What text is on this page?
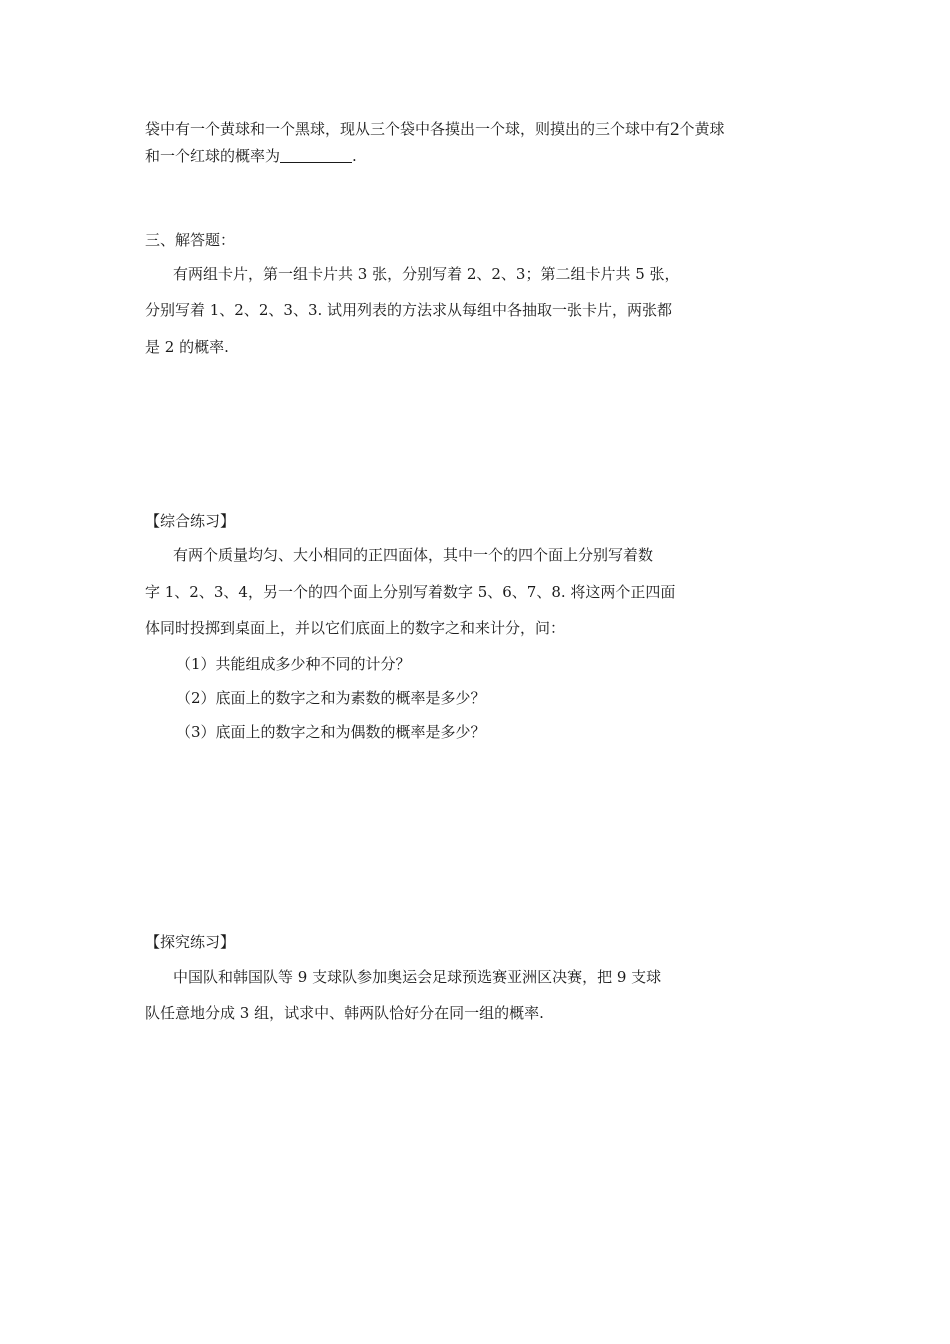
袋中有一个黄球和一个黑球，现从三个袋中各摸出一个球，则摸出的三个球中有2个黄球
和一个红球的概率为	.
三、解答题：
有两组卡片，第一组卡片共 3 张，分别写着 2、2、3；第二组卡片共 5 张，
分别写着 1、2、2、3、3. 试用列表的方法求从每组中各抽取一张卡片，两张都
是 2 的概率.
【综合练习】
有两个质量均匀、大小相同的正四面体，其中一个的四个面上分别写着数
字 1、2、3、4，另一个的四个面上分别写着数字 5、6、7、8. 将这两个正四面
体同时投掷到桌面上，并以它们底面上的数字之和来计分，问：
（1）共能组成多少种不同的计分？
（2）底面上的数字之和为素数的概率是多少？
（3）底面上的数字之和为偶数的概率是多少？
【探究练习】
中国队和韩国队等 9 支球队参加奥运会足球预选赛亚洲区决赛，把 9 支球
队任意地分成 3 组，试求中、韩两队恰好分在同一组的概率.
